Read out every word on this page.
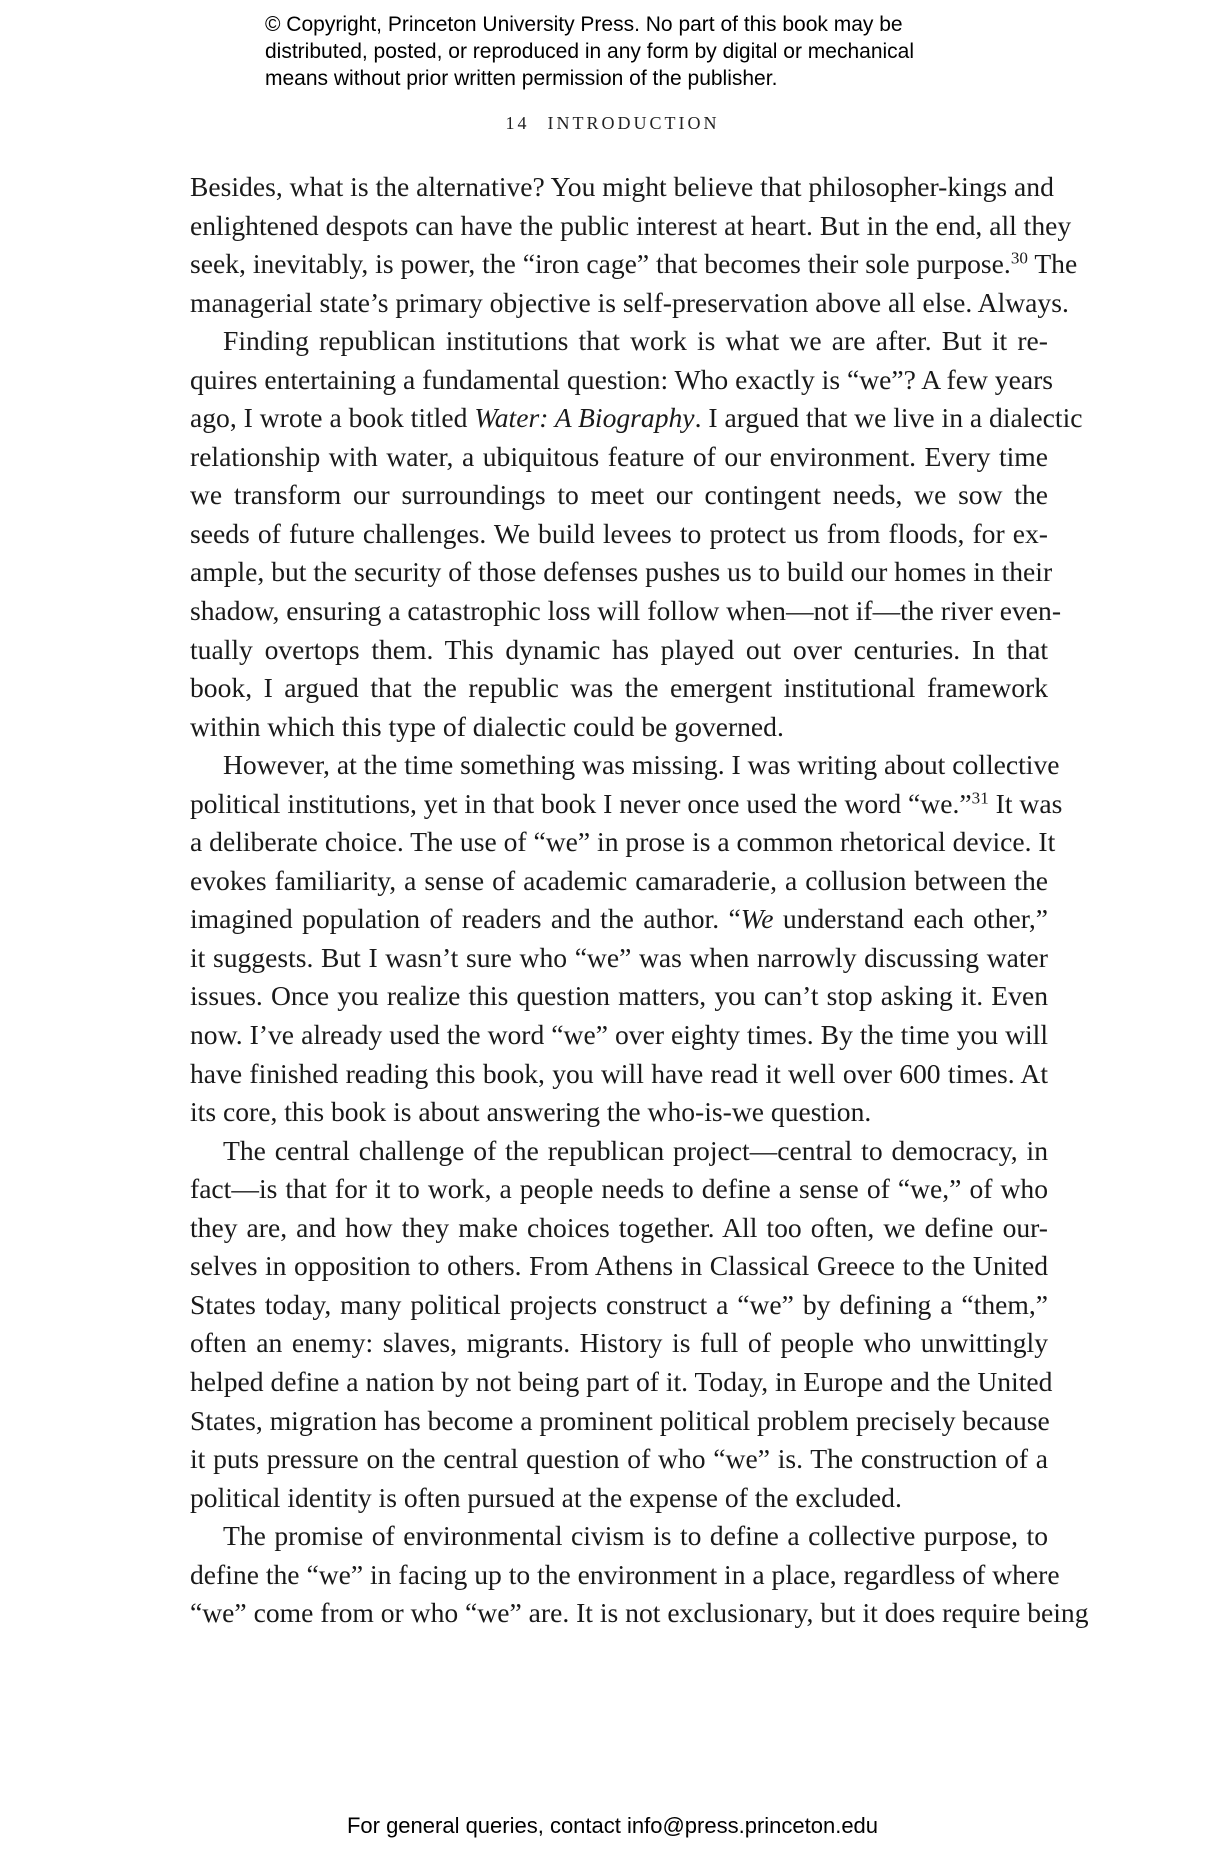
© Copyright, Princeton University Press. No part of this book may be
distributed, posted, or reproduced in any form by digital or mechanical
means without prior written permission of the publisher.
14 INTRODUCTION
Besides, what is the alternative? You might believe that philosopher-kings and
enlightened despots can have the public interest at heart. But in the end, all they
seek, inevitably, is power, the “iron cage” that becomes their sole purpose.$^{30}$ The
managerial state’s primary objective is self-preservation above all else. Always.
Finding republican institutions that work is what we are after. But it re-
quires entertaining a fundamental question: Who exactly is “we”? A few years
ago, I wrote a book titled Water: A Biography. I argued that we live in a dialectic
relationship with water, a ubiquitous feature of our environment. Every time
we transform our surroundings to meet our contingent needs, we sow the
seeds of future challenges. We build levees to protect us from floods, for ex-
ample, but the security of those defenses pushes us to build our homes in their
shadow, ensuring a catastrophic loss will follow when—not if—the river even-
tually overtops them. This dynamic has played out over centuries. In that
book, I argued that the republic was the emergent institutional framework
within which this type of dialectic could be governed.
However, at the time something was missing. I was writing about collective
political institutions, yet in that book I never once used the word “we.”$^{31}$ It was
a deliberate choice. The use of “we” in prose is a common rhetorical device. It
evokes familiarity, a sense of academic camaraderie, a collusion between the
imagined population of readers and the author. “We understand each other,”
it suggests. But I wasn’t sure who “we” was when narrowly discussing water
issues. Once you realize this question matters, you can’t stop asking it. Even
now. I’ve already used the word “we” over eighty times. By the time you will
have finished reading this book, you will have read it well over 600 times. At
its core, this book is about answering the who-is-we question.
The central challenge of the republican project—central to democracy, in
fact—is that for it to work, a people needs to define a sense of “we,” of who
they are, and how they make choices together. All too often, we define our-
selves in opposition to others. From Athens in Classical Greece to the United
States today, many political projects construct a “we” by defining a “them,”
often an enemy: slaves, migrants. History is full of people who unwittingly
helped define a nation by not being part of it. Today, in Europe and the United
States, migration has become a prominent political problem precisely because
it puts pressure on the central question of who “we” is. The construction of a
political identity is often pursued at the expense of the excluded.
The promise of environmental civism is to define a collective purpose, to
define the “we” in facing up to the environment in a place, regardless of where
“we” come from or who “we” are. It is not exclusionary, but it does require being
For general queries, contact info@press.princeton.edu
